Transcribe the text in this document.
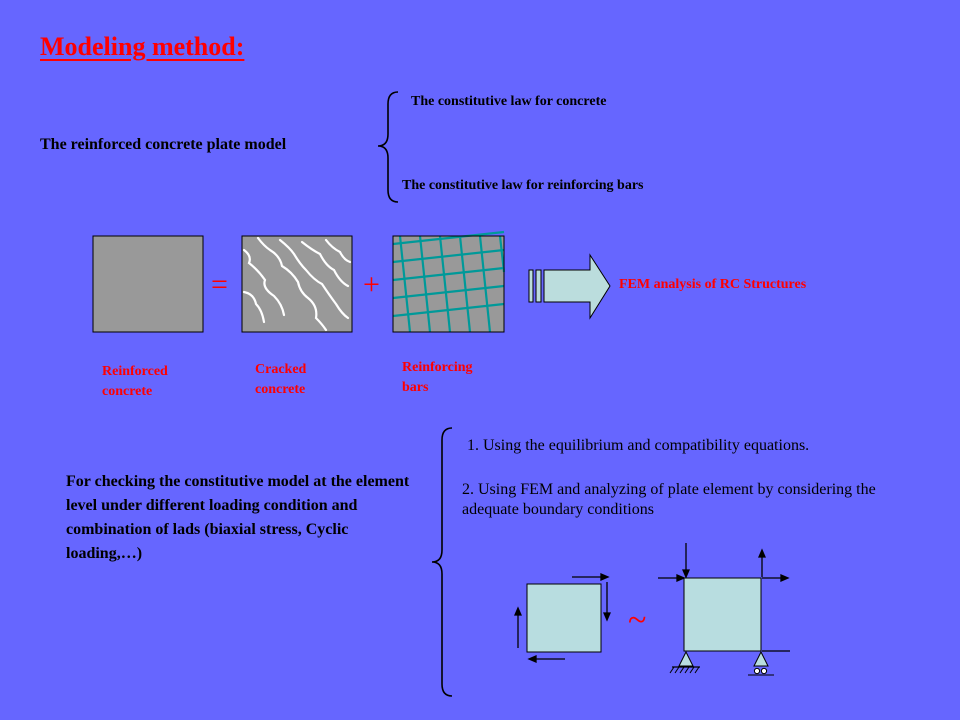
Modeling method:
The reinforced concrete plate model
The constitutive law for concrete
The constitutive law for reinforcing bars
=	+
~
FEM analysis of RC Structures
Reinforced
concrete
Cracked
concrete
Reinforcing
bars
For checking the constitutive model at the element level under different loading condition and combination of lads (biaxial stress, Cyclic loading,…)
1. Using the equilibrium and compatibility equations.
2. Using FEM and analyzing of plate element by considering the adequate boundary conditions
